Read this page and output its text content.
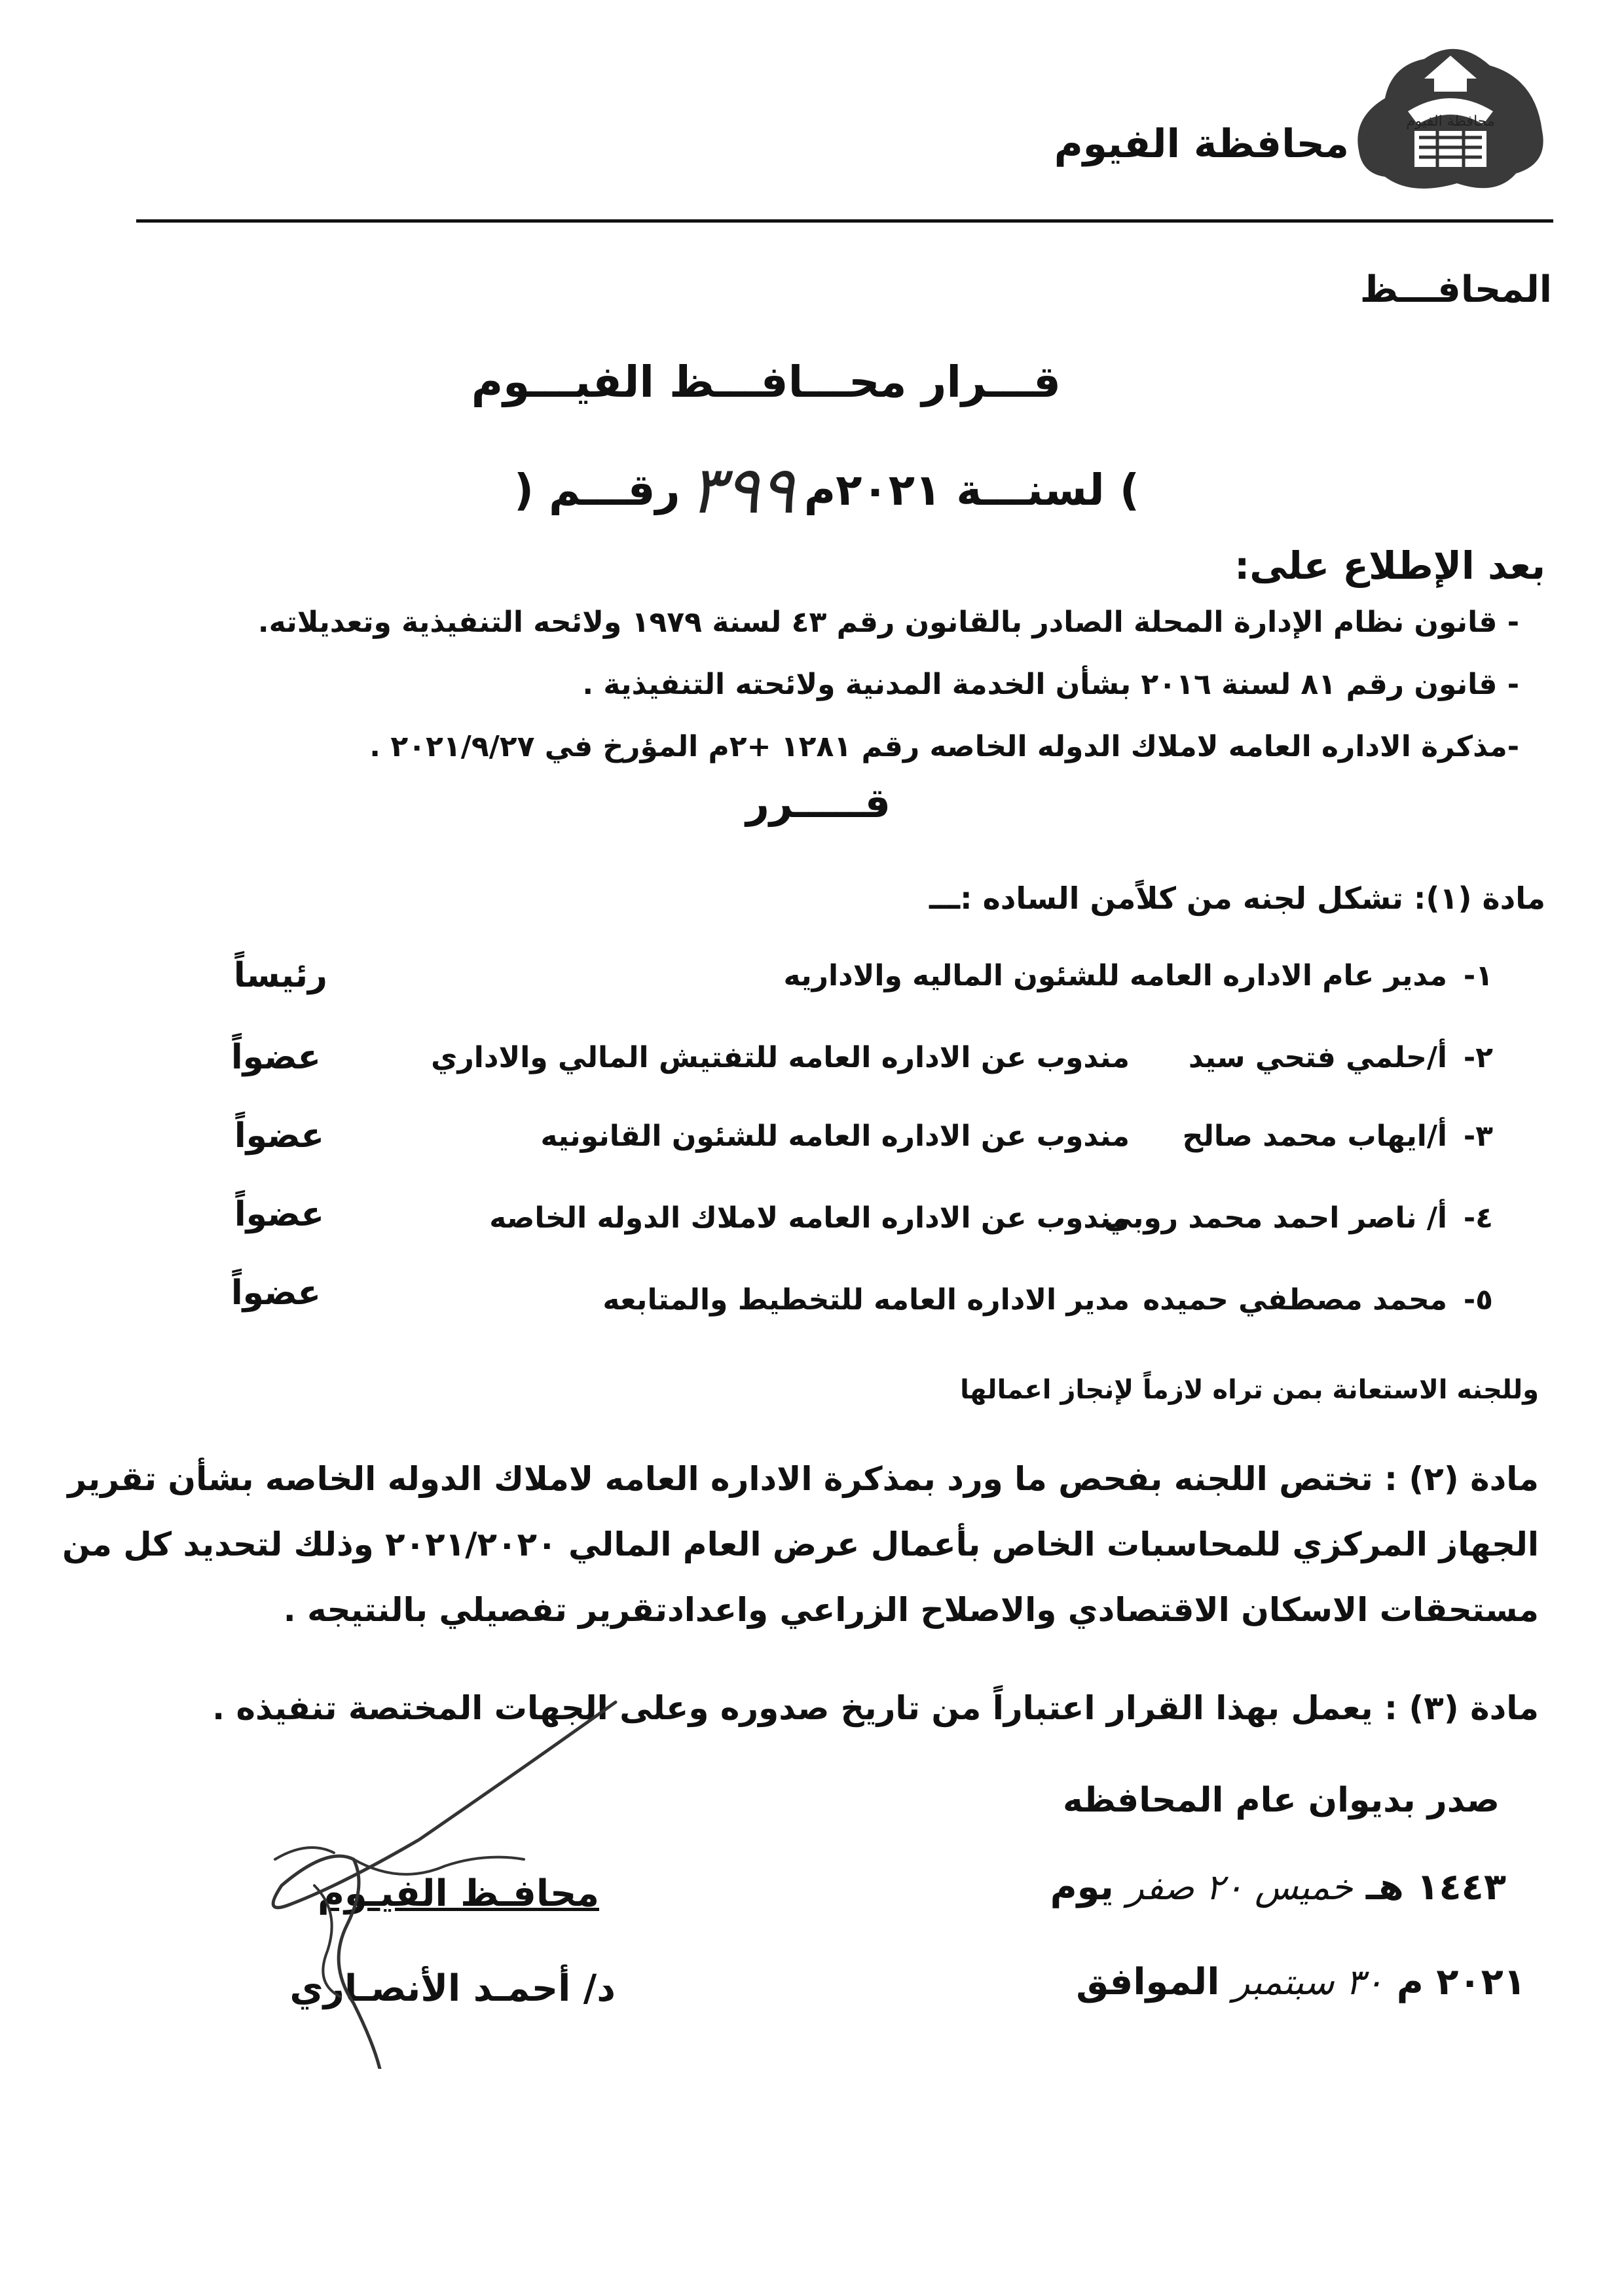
محافظة الفيوم
محافظة الفيوم
المحافـــظ
قـــرار محـــافـــظ الفيـــوم
رقـــم ( ٣٩٩ ) لسنـــة ٢٠٢١م
بعد الإطلاع على:
- قانون نظام الإدارة المحلة الصادر بالقانون رقم ٤٣ لسنة ١٩٧٩ ولائحه التنفيذية وتعديلاته.
- قانون رقم ٨١ لسنة ٢٠١٦ بشأن الخدمة المدنية ولائحته التنفيذية .
-مذكرة الاداره العامه لاملاك الدوله الخاصه رقم ١٢٨١ +٢م المؤرخ في ٢٠٢١/٩/٢٧ .
قـــــرر
مادة (١): تشكل لجنه من كلاًمن الساده :ـــ
١-
مدير عام الاداره العامه للشئون الماليه والاداريه
رئيساً
٢-
أ/حلمي فتحي سيد
مندوب عن الاداره العامه للتفتيش المالي والاداري
عضواً
٣-
أ/ايهاب محمد صالح
مندوب عن الاداره العامه للشئون القانونيه
عضواً
٤-
أ/ ناصر احمد محمد روبي
مندوب عن الاداره العامه لاملاك الدوله الخاصه
عضواً
٥-
محمد مصطفي حميده
مدير الاداره العامه للتخطيط والمتابعه
عضواً
وللجنه الاستعانة بمن تراه لازماً لإنجاز اعمالها
مادة (٢) : تختص اللجنه بفحص ما ورد بمذكرة الاداره العامه لاملاك الدوله الخاصه بشأن تقرير
الجهاز المركزي للمحاسبات الخاص بأعمال عرض العام المالي ٢٠٢١/٢٠٢٠ وذلك لتحديد كل من
مستحقات الاسكان الاقتصادي والاصلاح الزراعي واعدادتقرير تفصيلي بالنتيجه .
مادة (٣) : يعمل بهذا القرار اعتباراً من تاريخ صدوره وعلى الجهات المختصة تنفيذه .
صدر بديوان عام المحافظه
يوم خميس ٢٠ صفر ١٤٤٣ هـ
الموافق ٣٠ سبتمبر ٢٠٢١ م
محافـظ الفيـوم
د/ أحمـد الأنصـاري
